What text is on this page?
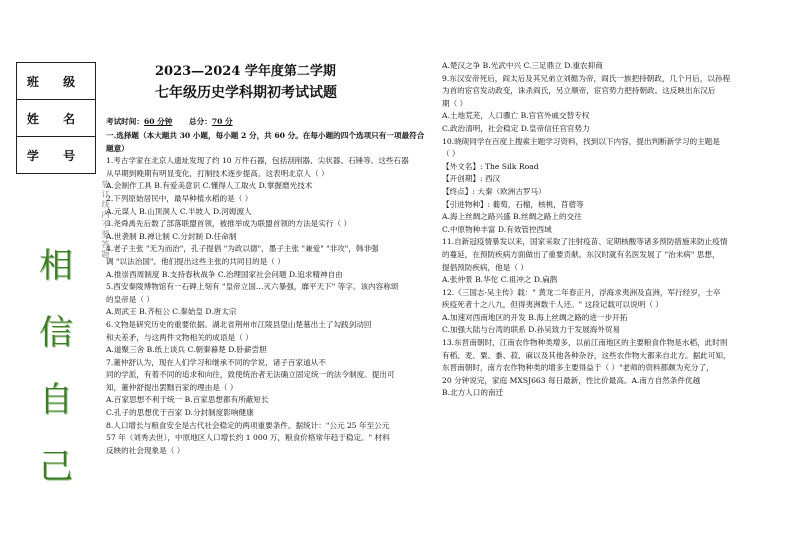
班 级
姓 名
学 号
相
信
自
己
装订线内不要答题
2023—2024 学年度第二学期
七年级历史学科期初考试试题
考试时间：60 分钟 总分：70 分
一.选择题（本大题共 30 小题，每小题 2 分，共 60 分。在每小题的四个选项只有一项最符合
题意）
1.考古学家在北京人遗址发现了约 10 万件石器，包括刮削器、尖状器、石锤等。这些石器
从早期到晚期有明显变化，打制技术逐步提高。这表明北京人（ ）
A.会制作工具 B.有爱美意识 C.懂得人工取火 D.掌握磨光技术
2.下列原始居民中，最早种植水稻的是（ ）
A.元谋人 B.山顶洞人 C.半坡人 D.河姆渡人
3.尧舜禹先后数了部落联盟首领，被推举成为联盟首领的方法是实行（ ）
A.世袭制 B.禅让制 C.分封制 D.任命制
4.老子主张 "无为而治"，孔子提倡 "为政以德"，墨子主张 "兼爱" "非攻"，韩非强
调 "以法治国"。他们提出这些主张的共同目的是（ ）
A.推崇西周制度 B.支持春秋战争 C.治理国家社会问题 D.追求精神自由
5.西安秦陵博物馆有一石碑上刻有 "皇帝立国…灭六暴强，靡平天下" 等字。该内容称颂
的皇帝是（ ）
A.周武王 B.齐桓公 C.秦始皇 D.唐太宗
6.文物是研究历史的重要依据。湖北省荆州市江陵县望山楚墓出土了勾践剑动回
和夫差矛，与这两件文物相关的成语是（ ）
A.道聚三舍 B.纸上谈兵 C.朝秦暮楚 D.卧薪尝胆
7.董仲舒认为，现在人们学习和继承不同的学说，诸子百家道从不
同的学派，有着不同的追求和向往，致使统治者无法确立固定统一的法令制度。提出可
知，董仲舒提出罢黜百家的理由是（ ）
A.百家思想不利于统一 B.百家思想都有所蔽短长
C.孔子的思想优于百家 D.分封制度影响健康
8.人口增长与粮食安全是古代社会稳定的两项重要条件。据统计："公元 25 年至公元
57 年（刘秀去世），中原地区人口增长约 1 000 万，粮食价格常年趋于稳定。" 材料
反映的社会现象是（ ）
A.楚汉之争 B.光武中兴 C.三足鼎立 D.重农抑商
9.东汉安帝死后，阎太后及其兄弟立刘懿为帝，阎氏一族把持朝政，几个月后，以孙程
为首的宦官发动政变，诛杀阎氏，另立顺帝，宦官势力把持朝政。这反映出东汉后
期（ ）
A.土地荒芜，人口骤亡 B.官官外戚交替专权
C.政治清明，社会稳定 D.皇帝信任官官势力
10.晓砚同学在百度上搜索主题学习资料，找到以下内容，提出判断新学习的主题是
（ ）
【外文名】: The Silk Road
【开创期】: 西汉
【终点】: 大秦（欧洲古罗马）
【引进物种】: 葡萄，石榴，核桃，苜蓿等
A.海上丝绸之路兴盛 B.丝绸之路上的交往
C.中原物种丰富 D.有效管控西域
11.自新冠疫情暴发以来，国家采取了注射疫苗、定期核酸等诸多预防措施来防止疫情
的蔓延，在预防疾病方面做出了重要贡献。东汉时就有名医发展了 "治未病" 思想，
提倡预防疾病，他是（ ）
A.张仲景 B.华佗 C.祖冲之 D.扁鹊
12.《三国志·吴主传》载：" 黄龙二年春正月，浮海求夷洲及直洲，军行经岁，士卒
疾疫死者十之八九，但得夷洲数千人还。" 这段记载可以说明（ ）
A.加速对西南地区的开发 B.海上丝绸之路的进一步开拓
C.加强大陆与台湾的联系 D.孙吴致力于发展海外贸易
13.东晋南朝时，江南农作物种类增多，以前江南地区的主要粮食作物是水稻，此时则
有稻、麦、粟、黍、菽、麻以及其他各种杂谷，这些农作物大都来自北方。据此可知，
东晋南朝时，南方农作物种类的增多主要得益于（ ）"老师的资料都颇为充分了，
20 分钟说完，家庭 MXSJ663 每日最新，性比价最高。A.南方自然条件优越
B.北方人口的南迁
